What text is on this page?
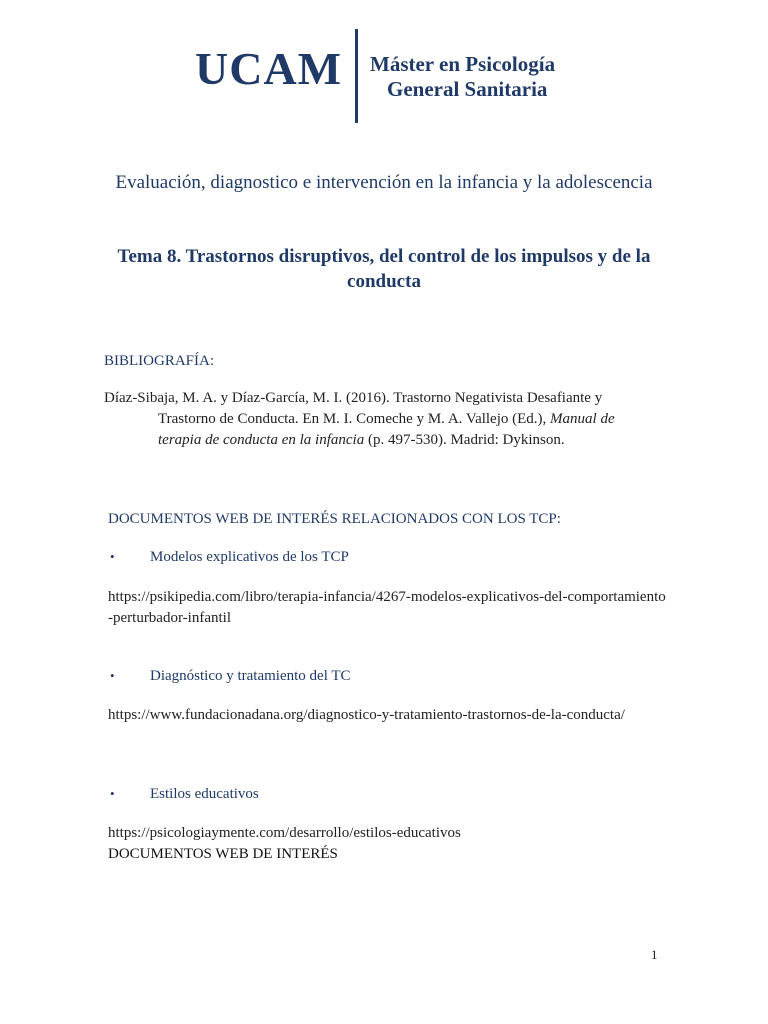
UCAM Máster en Psicología
General Sanitaria
Evaluación, diagnostico e intervención en la infancia y la adolescencia
Tema 8. Trastornos disruptivos, del control de los impulsos y de la conducta
BIBLIOGRAFÍA:
Díaz-Sibaja, M. A. y Díaz-García, M. I. (2016). Trastorno Negativista Desafiante y
Trastorno de Conducta. En M. I. Comeche y M. A. Vallejo (Ed.), Manual de
terapia de conducta en la infancia (p. 497-530). Madrid: Dykinson.
DOCUMENTOS WEB DE INTERÉS RELACIONADOS CON LOS TCP:
• Modelos explicativos de los TCP
https://psikipedia.com/libro/terapia-infancia/4267-modelos-explicativos-del-comportamiento-perturbador-infantil
• Diagnóstico y tratamiento del TC
https://www.fundacionadana.org/diagnostico-y-tratamiento-trastornos-de-la-conducta/
• Estilos educativos
https://psicologiaymente.com/desarrollo/estilos-educativos
DOCUMENTOS WEB DE INTERÉS
1
